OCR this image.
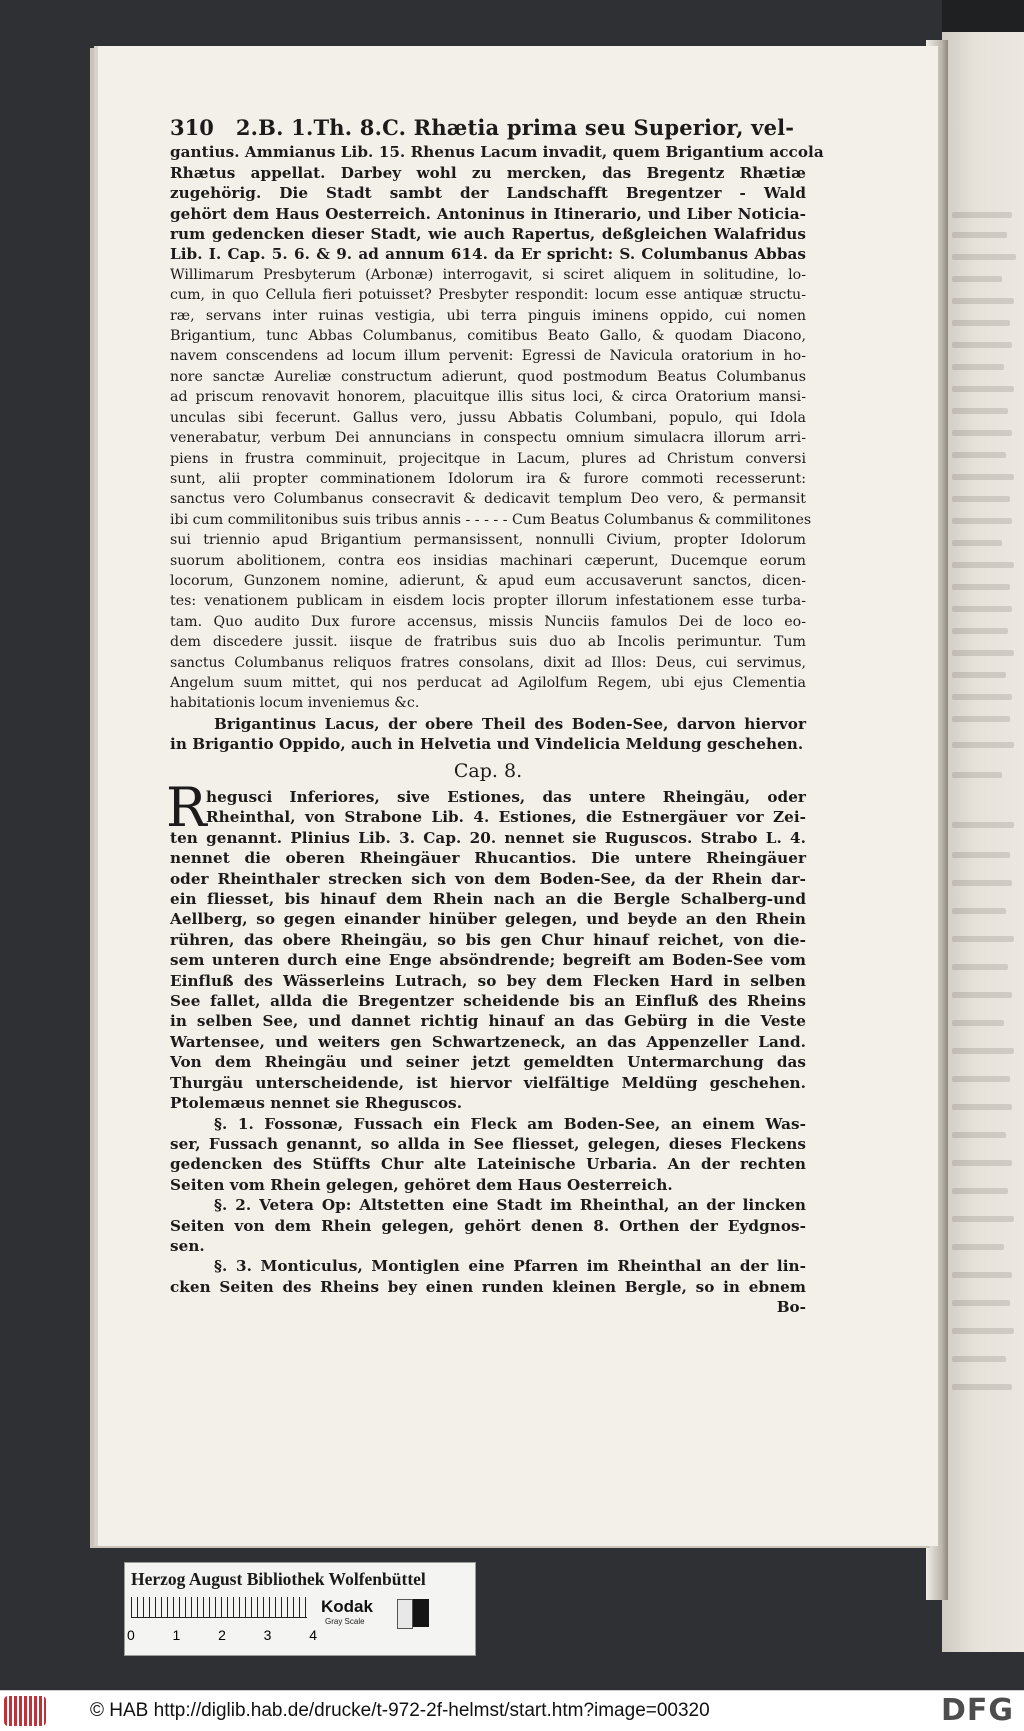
310 2.B. 1.Th. 8.C. Rhætia prima seu Superior, vel-
gantius. Ammianus Lib. 15. Rhenus Lacum invadit, quem Brigantium accola
Rhætus appellat. Darbey wohl zu mercken, das Bregentz Rhætiæ
zugehörig. Die Stadt sambt der Landschafft Bregentzer - Wald
gehört dem Haus Oesterreich. Antoninus in Itinerario, und Liber Noticia-
rum gedencken dieser Stadt, wie auch Rapertus, deßgleichen Walafridus
Lib. I. Cap. 5. 6. & 9. ad annum 614. da Er spricht: S. Columbanus Abbas
Willimarum Presbyterum (Arbonæ) interrogavit, si sciret aliquem in solitudine, lo-
cum, in quo Cellula fieri potuisset? Presbyter respondit: locum esse antiquæ structu-
ræ, servans inter ruinas vestigia, ubi terra pinguis iminens oppido, cui nomen
Brigantium, tunc Abbas Columbanus, comitibus Beato Gallo, & quodam Diacono,
navem conscendens ad locum illum pervenit: Egressi de Navicula oratorium in ho-
nore sanctæ Aureliæ constructum adierunt, quod postmodum Beatus Columbanus
ad priscum renovavit honorem, placuitque illis situs loci, & circa Oratorium mansi-
unculas sibi fecerunt. Gallus vero, jussu Abbatis Columbani, populo, qui Idola
venerabatur, verbum Dei annuncians in conspectu omnium simulacra illorum arri-
piens in frustra comminuit, projecitque in Lacum, plures ad Christum conversi
sunt, alii propter comminationem Idolorum ira & furore commoti recesserunt:
sanctus vero Columbanus consecravit & dedicavit templum Deo vero, & permansit
ibi cum commilitonibus suis tribus annis - - - - - Cum Beatus Columbanus & commilitones
sui triennio apud Brigantium permansissent, nonnulli Civium, propter Idolorum
suorum abolitionem, contra eos insidias machinari cæperunt, Ducemque eorum
locorum, Gunzonem nomine, adierunt, & apud eum accusaverunt sanctos, dicen-
tes: venationem publicam in eisdem locis propter illorum infestationem esse turba-
tam. Quo audito Dux furore accensus, missis Nunciis famulos Dei de loco eo-
dem discedere jussit. iisque de fratribus suis duo ab Incolis perimuntur. Tum
sanctus Columbanus reliquos fratres consolans, dixit ad Illos: Deus, cui servimus,
Angelum suum mittet, qui nos perducat ad Agilolfum Regem, ubi ejus Clementia
habitationis locum inveniemus &c.
Brigantinus Lacus, der obere Theil des Boden-See, darvon hiervor
in Brigantio Oppido, auch in Helvetia und Vindelicia Meldung geschehen.
Cap. 8.
R hegusci Inferiores, sive Estiones, das untere Rheingäu, oder
Rheinthal, von Strabone Lib. 4. Estiones, die Estnergäuer vor Zei-
ten genannt. Plinius Lib. 3. Cap. 20. nennet sie Ruguscos. Strabo L. 4.
nennet die oberen Rheingäuer Rhucantios. Die untere Rheingäuer
oder Rheinthaler strecken sich von dem Boden-See, da der Rhein dar-
ein fliesset, bis hinauf dem Rhein nach an die Bergle Schalberg-und
Aellberg, so gegen einander hinüber gelegen, und beyde an den Rhein
rühren, das obere Rheingäu, so bis gen Chur hinauf reichet, von die-
sem unteren durch eine Enge absöndrende; begreift am Boden-See vom
Einfluß des Wässerleins Lutrach, so bey dem Flecken Hard in selben
See fallet, allda die Bregentzer scheidende bis an Einfluß des Rheins
in selben See, und dannet richtig hinauf an das Gebürg in die Veste
Wartensee, und weiters gen Schwartzeneck, an das Appenzeller Land.
Von dem Rheingäu und seiner jetzt gemeldten Untermarchung das
Thurgäu unterscheidende, ist hiervor vielfältige Meldüng geschehen.
Ptolemæus nennet sie Rheguscos.
§. 1. Fossonæ, Fussach ein Fleck am Boden-See, an einem Was-
ser, Fussach genannt, so allda in See fliesset, gelegen, dieses Fleckens
gedencken des Stüffts Chur alte Lateinische Urbaria. An der rechten
Seiten vom Rhein gelegen, gehöret dem Haus Oesterreich.
§. 2. Vetera Op: Altstetten eine Stadt im Rheinthal, an der lincken
Seiten von dem Rhein gelegen, gehört denen 8. Orthen der Eydgnos-
sen.
§. 3. Monticulus, Montiglen eine Pfarren im Rheinthal an der lin-
cken Seiten des Rheins bey einen runden kleinen Bergle, so in ebnem
Bo-
Herzog August Bibliothek Wolfenbüttel
0	1	2	3	4
Kodak
Gray Scale
© HAB http://diglib.hab.de/drucke/t-972-2f-helmst/start.htm?image=00320	DFG
